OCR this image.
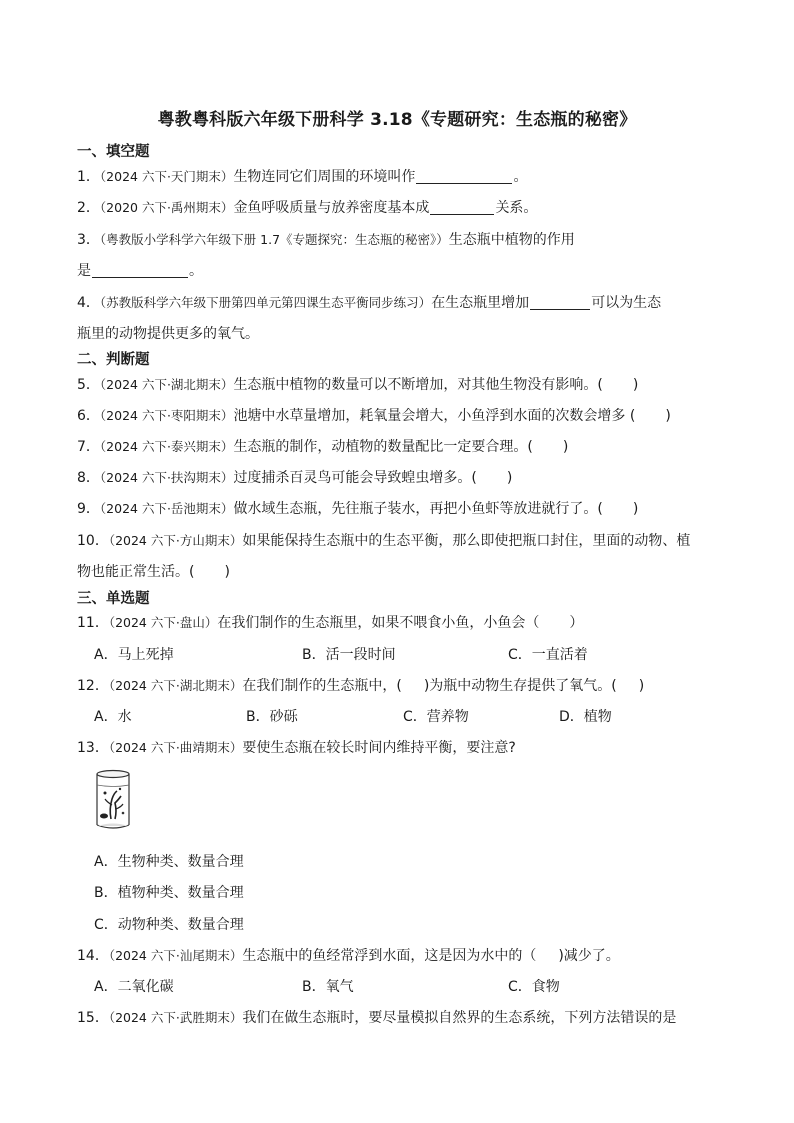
粤教粤科版六年级下册科学 3.18《专题研究：生态瓶的秘密》
一、填空题
1．（2024 六下·天门期末）生物连同它们周围的环境叫作	。
2．（2020 六下·禹州期末）金鱼呼吸质量与放养密度基本成	关系。
3．（粤教版小学科学六年级下册 1.7《专题探究：生态瓶的秘密》）生态瓶中植物的作用
是	。
4．（苏教版科学六年级下册第四单元第四课生态平衡同步练习）在生态瓶里增加	可以为生态
瓶里的动物提供更多的氧气。
二、判断题
5．（2024 六下·湖北期末）生态瓶中植物的数量可以不断增加，对其他生物没有影响。( )
6．（2024 六下·枣阳期末）池塘中水草量增加，耗氧量会增大，小鱼浮到水面的次数会增多 ( )
7．（2024 六下·泰兴期末）生态瓶的制作，动植物的数量配比一定要合理。( )
8．（2024 六下·扶沟期末）过度捕杀百灵鸟可能会导致蝗虫增多。( )
9．（2024 六下·岳池期末）做水域生态瓶，先往瓶子装水，再把小鱼虾等放进就行了。( )
10．（2024 六下·方山期末）如果能保持生态瓶中的生态平衡，那么即使把瓶口封住，里面的动物、植
物也能正常生活。( )
三、单选题
11．（2024 六下·盘山）在我们制作的生态瓶里，如果不喂食小鱼，小鱼会（ ）
A．马上死掉	B．活一段时间	C．一直活着
12．（2024 六下·湖北期末）在我们制作的生态瓶中，( )为瓶中动物生存提供了氧气。( )
A．水	B．砂砾	C．营养物	D．植物
13．（2024 六下·曲靖期末）要使生态瓶在较长时间内维持平衡，要注意?
A．生物种类、数量合理
B．植物种类、数量合理
C．动物种类、数量合理
14．（2024 六下·汕尾期末）生态瓶中的鱼经常浮到水面，这是因为水中的（ )减少了。
A．二氧化碳	B．氧气	C．食物
15．（2024 六下·武胜期末）我们在做生态瓶时，要尽量模拟自然界的生态系统，下列方法错误的是
